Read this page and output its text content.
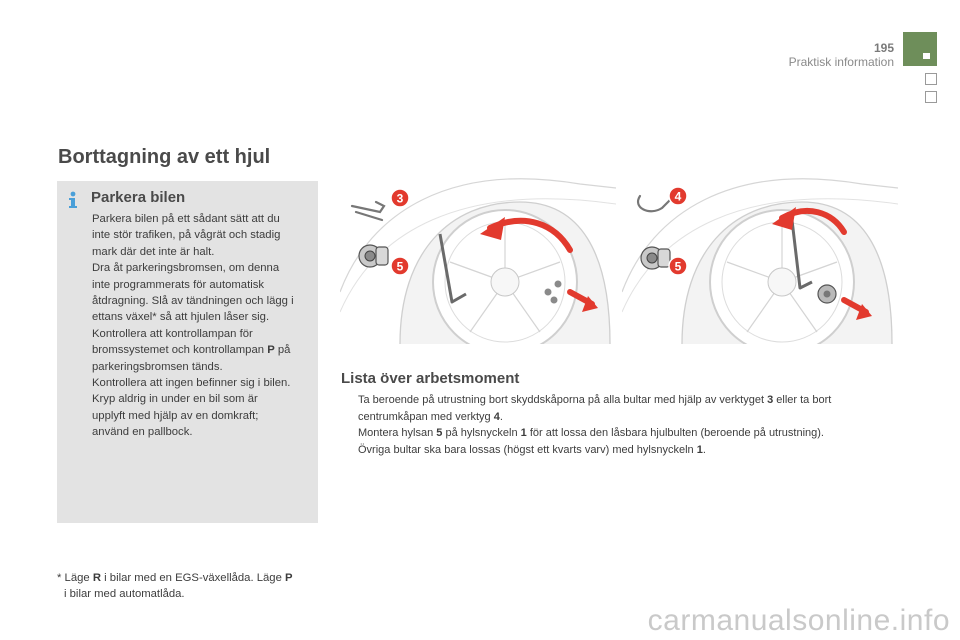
195
Praktisk information
Borttagning av ett hjul
Parkera bilen

Parkera bilen på ett sådant sätt att du

inte stör trafiken, på vågrät och stadig

mark där det inte är halt.

Dra åt parkeringsbromsen, om denna

inte programmerats för automatisk

åtdragning. Slå av tändningen och lägg i

ettans växel* så att hjulen låser sig.

Kontrollera att kontrollampan för

bromssystemet och kontrollampan P på

parkeringsbromsen tänds.

Kontrollera att ingen befinner sig i bilen.

Kryp aldrig in under en bil som är

upplyft med hjälp av en domkraft;

använd en pallbock.

* Läge R i bilar med en EGS-växellåda. Läge P
i bilar med automatlåda.
3
5
4
5
Lista över arbetsmoment
Ta beroende på utrustning bort skyddskåporna på alla bultar med hjälp av verktyget 3 eller ta bort centrumkåpan med verktyg 4.
Montera hylsan 5 på hylsnyckeln 1 för att lossa den låsbara hjulbulten (beroende på utrustning).
Övriga bultar ska bara lossas (högst ett kvarts varv) med hylsnyckeln 1.
carmanualsonline.info
